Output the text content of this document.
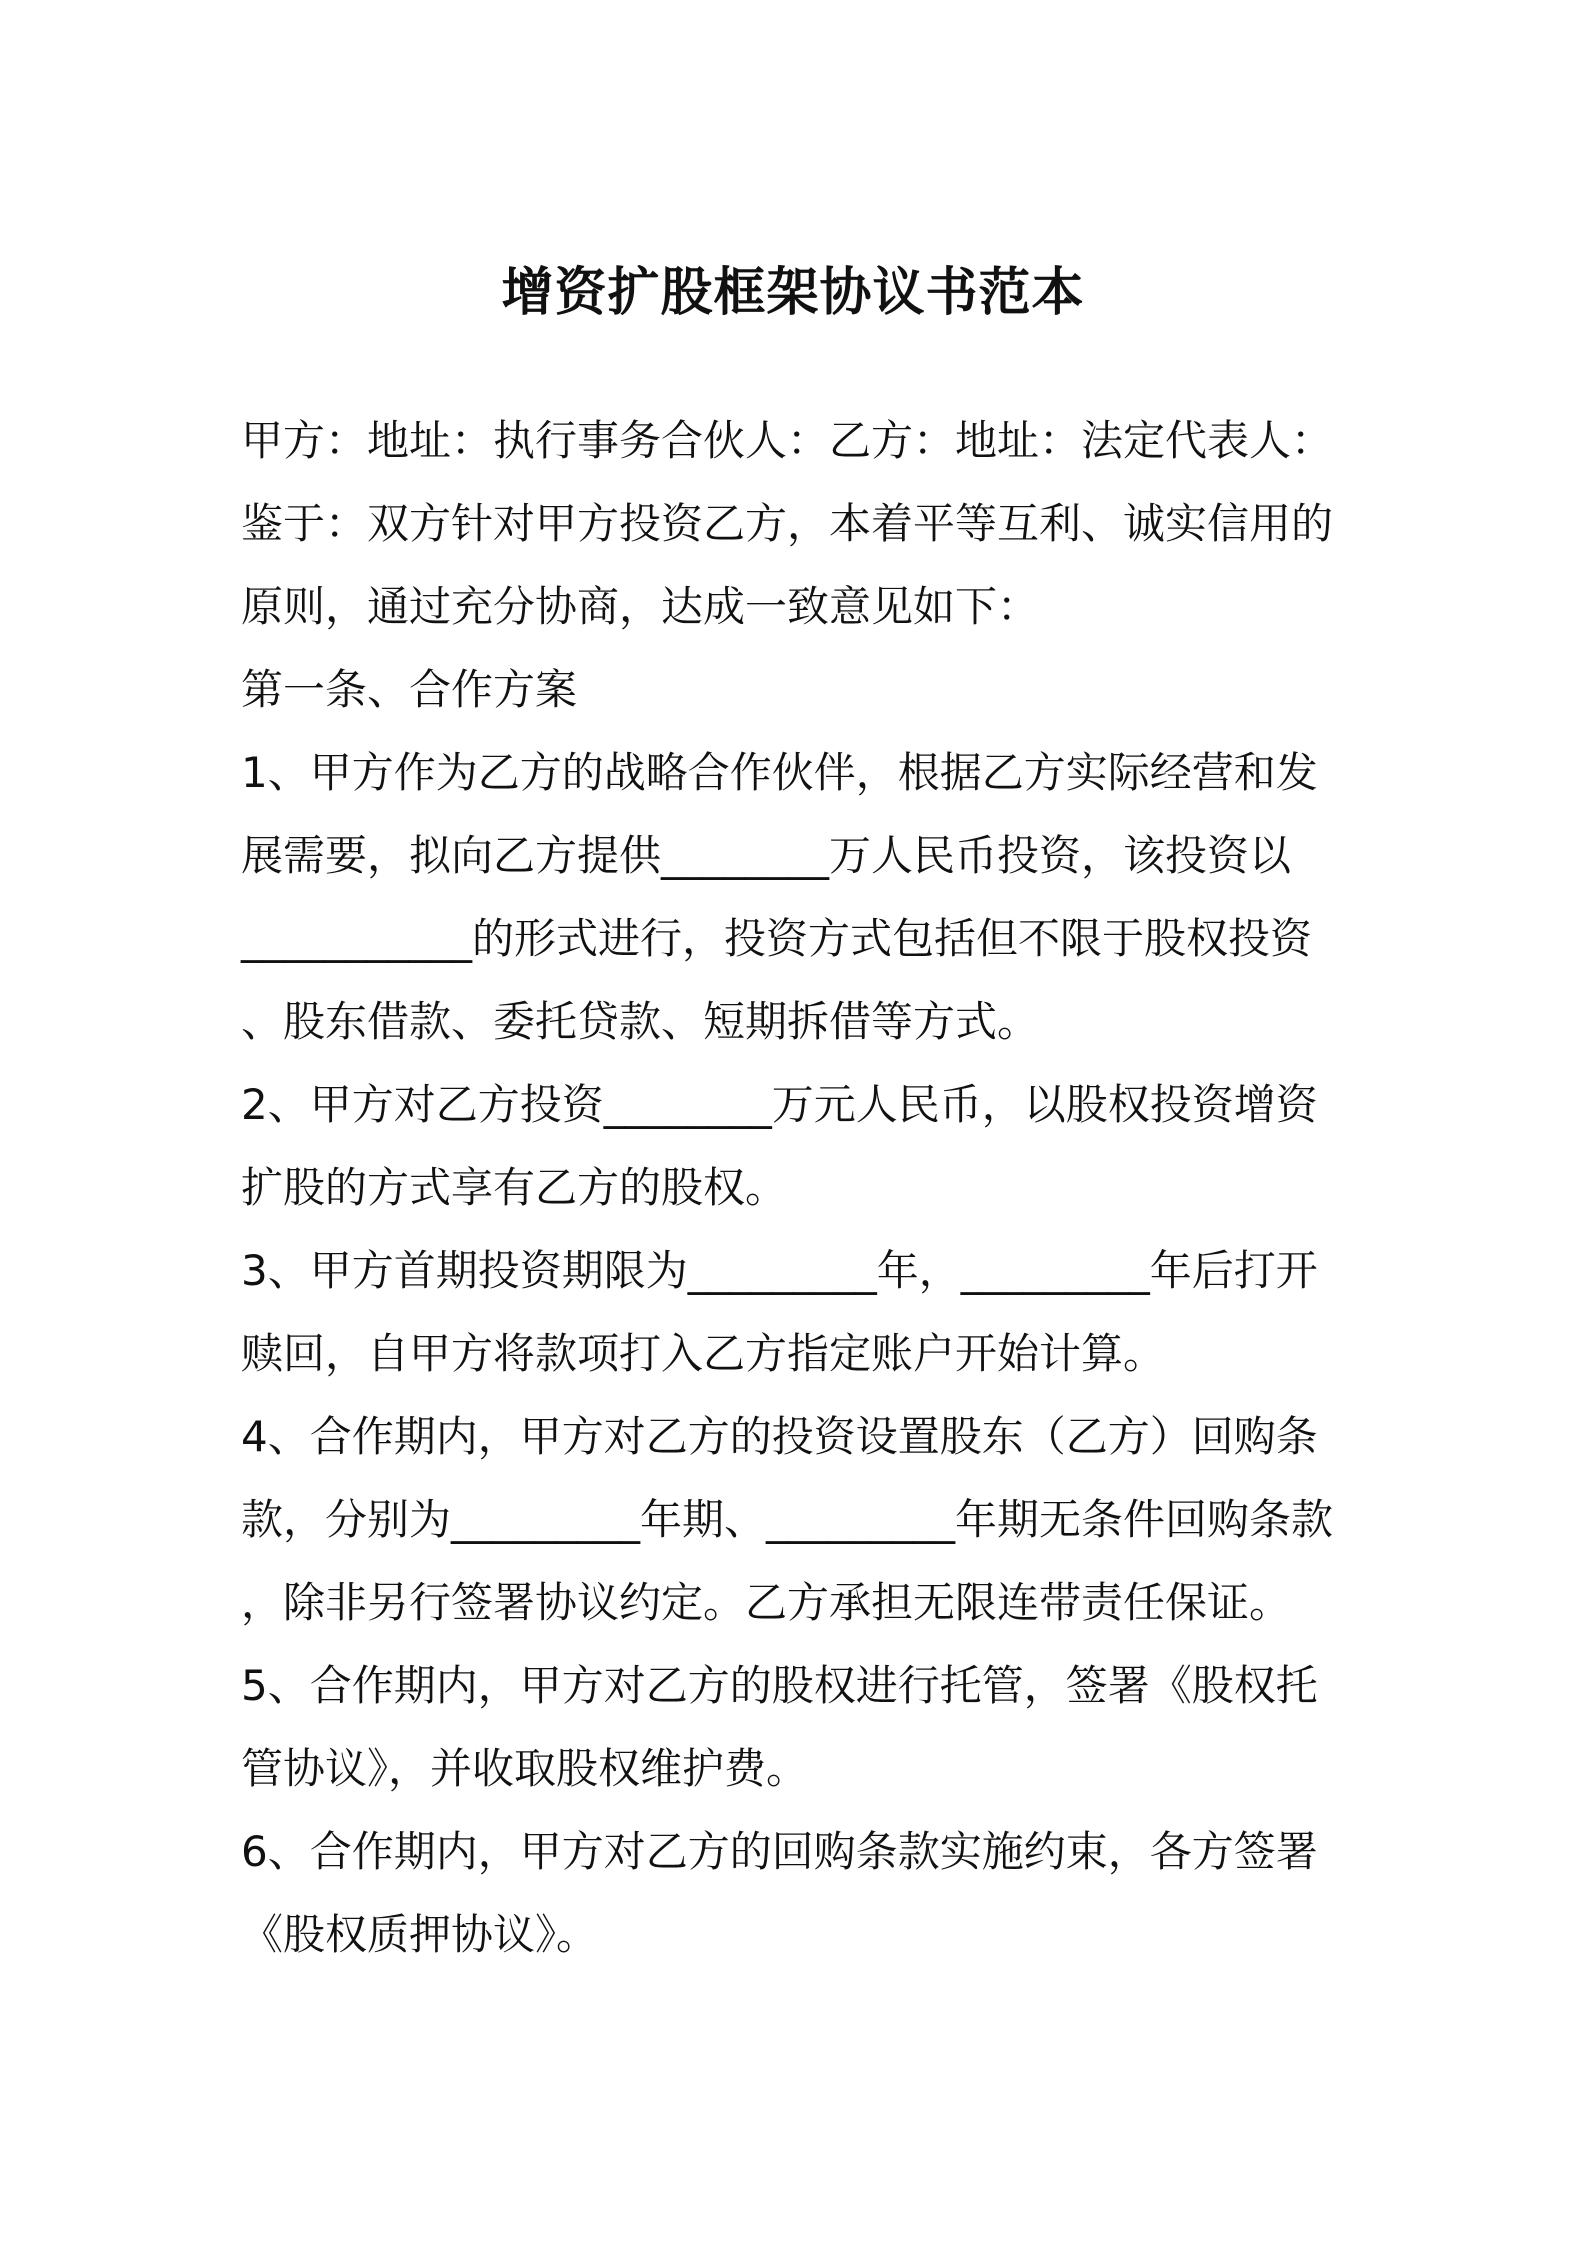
增资扩股框架协议书范本
甲方：地址：执行事务合伙人：乙方：地址：法定代表人：
鉴于：双方针对甲方投资乙方，本着平等互利、诚实信用的
原则，通过充分协商，达成一致意见如下：
第一条、合作方案
1、甲方作为乙方的战略合作伙伴，根据乙方实际经营和发
展需要，拟向乙方提供________万人民币投资，该投资以
___________的形式进行，投资方式包括但不限于股权投资
、股东借款、委托贷款、短期拆借等方式。
2、甲方对乙方投资________万元人民币，以股权投资增资
扩股的方式享有乙方的股权。
3、甲方首期投资期限为_________年，_________年后打开
赎回，自甲方将款项打入乙方指定账户开始计算。
4、合作期内，甲方对乙方的投资设置股东（乙方）回购条
款，分别为_________年期、_________年期无条件回购条款
，除非另行签署协议约定。乙方承担无限连带责任保证。
5、合作期内，甲方对乙方的股权进行托管，签署《股权托
管协议》，并收取股权维护费。
6、合作期内，甲方对乙方的回购条款实施约束，各方签署
《股权质押协议》。
